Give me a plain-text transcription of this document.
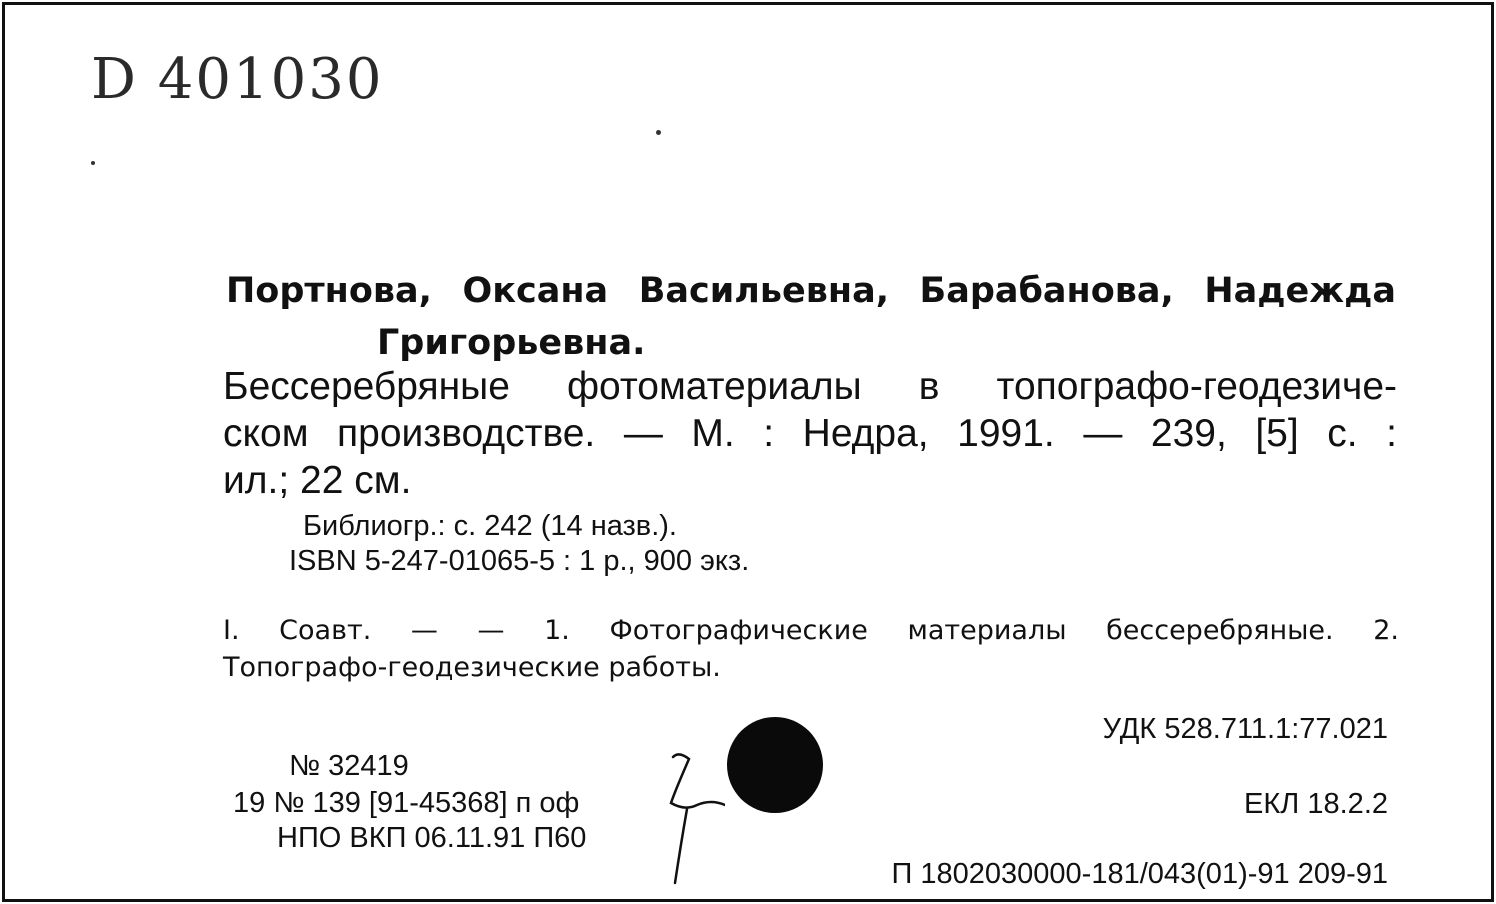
D 401030
Портнова, Оксана Васильевна, Барабанова, Надежда
Григорьевна.
Бессеребряные фотоматериалы в топографо-геодезиче-
ском производстве. — М. : Недра, 1991. — 239, [5] с. :
ил.; 22 см.
Библиогр.: с. 242 (14 назв.).
ISBN 5-247-01065-5 : 1 р., 900 экз.
I. Соавт. — — 1. Фотографические материалы бессеребряные. 2.
Топографо-геодезические работы.
УДК 528.711.1:77.021
ЕКЛ 18.2.2
№ 32419
19 № 139 [91-45368] п оф
НПО ВКП 06.11.91 П60
П 1802030000-181/043(01)-91 209-91
